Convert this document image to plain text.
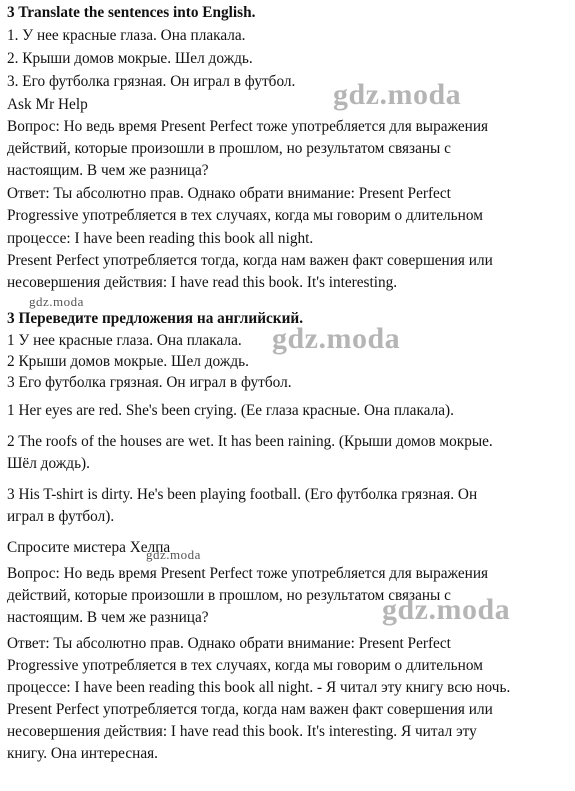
3 Translate the sentences into English.
1. У нее красные глаза. Она плакала.
2. Крыши домов мокрые. Шел дождь.
3. Его футболка грязная. Он играл в футбол.
Ask Mr Help
Вопрос: Но ведь время Present Perfect тоже употребляется для выражения
действий, которые произошли в прошлом, но результатом связаны с
настоящим. В чем же разница?
Ответ: Ты абсолютно прав. Однако обрати внимание: Present Perfect
Progressive употребляется в тех случаях, когда мы говорим о длительном
процессе: I have been reading this book all night.
Present Perfect употребляется тогда, когда нам важен факт совершения или
несовершения действия: I have read this book. It's interesting.
3 Переведите предложения на английский.
1 У нее красные глаза. Она плакала.
2 Крыши домов мокрые. Шел дождь.
3 Его футболка грязная. Он играл в футбол.
1 Her eyes are red. She's been crying. (Ее глаза красные. Она плакала).
2 The roofs of the houses are wet. It has been raining. (Крыши домов мокрые.
Шёл дождь).
3 His T-shirt is dirty. He's been playing football. (Его футболка грязная. Он
играл в футбол).
Спросите мистера Хелпа
Вопрос: Но ведь время Present Perfect тоже употребляется для выражения
действий, которые произошли в прошлом, но результатом связаны с
настоящим. В чем же разница?
Ответ: Ты абсолютно прав. Однако обрати внимание: Present Perfect
Progressive употребляется в тех случаях, когда мы говорим о длительном
процессе: I have been reading this book all night. - Я читал эту книгу всю ночь.
Present Perfect употребляется тогда, когда нам важен факт совершения или
несовершения действия: I have read this book. It's interesting. Я читал эту
книгу. Она интересная.
gdz.moda
gdz.moda
gdz.moda
gdz.moda
gdz.moda
